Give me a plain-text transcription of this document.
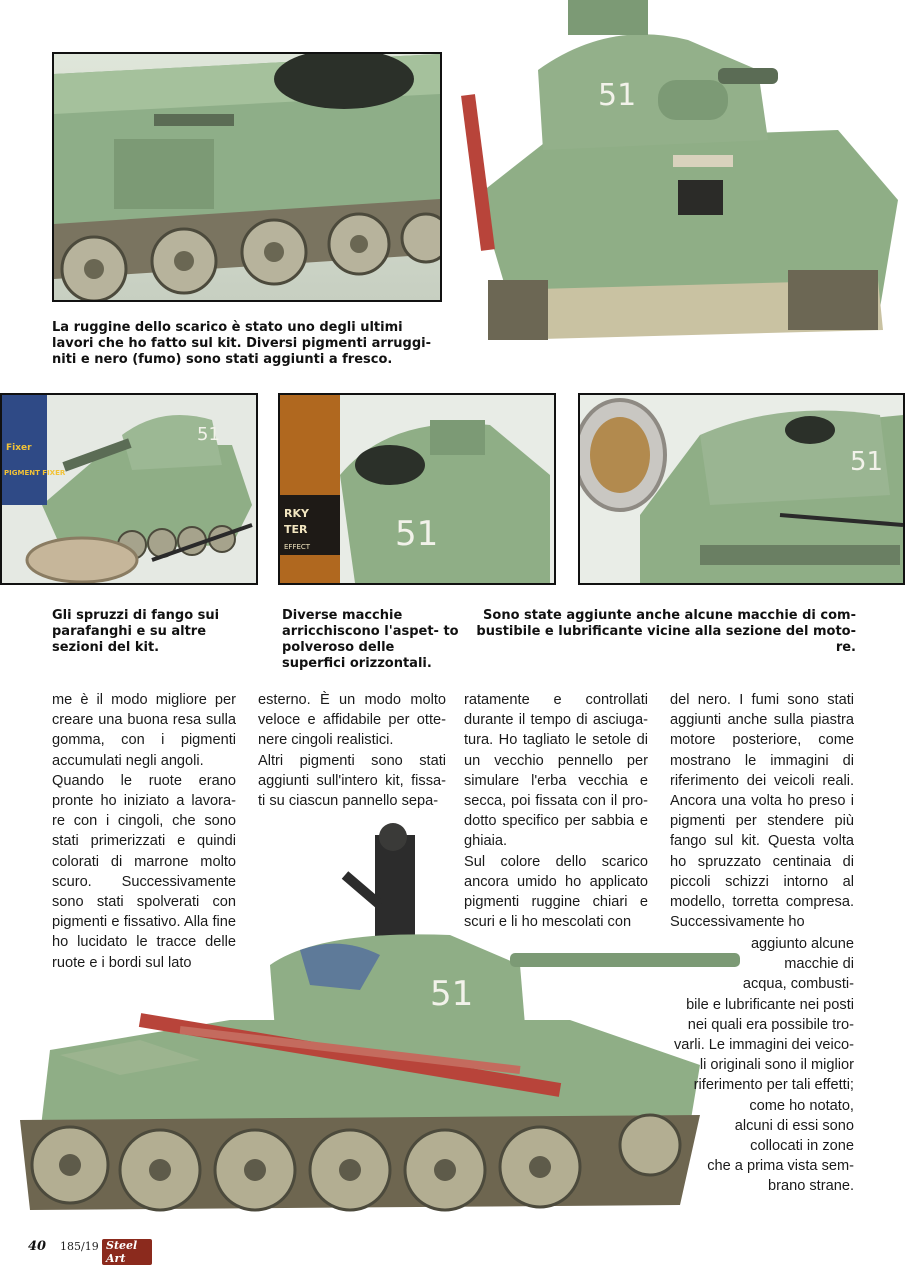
51
La ruggine dello scarico è stato uno degli ultimi lavori che ho fatto sul kit. Diversi pigmenti arruggi- niti e nero (fumo) sono stati aggiunti a fresco.
Fixer
PIGMENT FIXER
51
RKY
TER
EFFECT 51
51
Gli spruzzi di fango sui parafanghi e su altre sezioni del kit.
Diverse macchie arricchiscono l'aspet- to polveroso delle superfici orizzontali.
Sono state aggiunte anche alcune macchie di com- bustibile e lubrificante vicine alla sezione del moto- re.

me è il modo migliore per creare una buona resa sulla gomma, con i pigmenti accumulati negli angoli.

Quando le ruote erano pronte ho iniziato a lavora- re con i cingoli, che sono stati primerizzati e quindi colorati di marrone molto scuro. Successivamente sono stati spolverati con pigmenti e fissativo. Alla fine ho lucidato le tracce delle ruote e i bordi sul lato

esterno. È un modo molto veloce e affidabile per otte- nere cingoli realistici.

Altri pigmenti sono stati aggiunti sull'intero kit, fissa- ti su ciascun pannello sepa-

ratamente e controllati durante il tempo di asciuga- tura. Ho tagliato le setole di un vecchio pennello per simulare l'erba vecchia e secca, poi fissata con il pro- dotto specifico per sabbia e ghiaia.

Sul colore dello scarico ancora umido ho applicato pigmenti ruggine chiari e scuri e li ho mescolati con

del nero. I fumi sono stati aggiunti anche sulla piastra motore posteriore, come mostrano le immagini di riferimento dei veicoli reali. Ancora una volta ho preso i pigmenti per stendere più fango sul kit. Questa volta ho spruzzato centinaia di piccoli schizzi intorno al modello, torretta compresa. Successivamente ho

51
aggiunto alcune
macchie di
acqua, combusti-
bile e lubrificante nei posti
nei quali era possibile tro-
varli. Le immagini dei veico-
li originali sono il miglior
riferimento per tali effetti;
come ho notato,
alcuni di essi sono
collocati in zone
che a prima vista sem-
brano strane.
40 185/19 Steel Art
